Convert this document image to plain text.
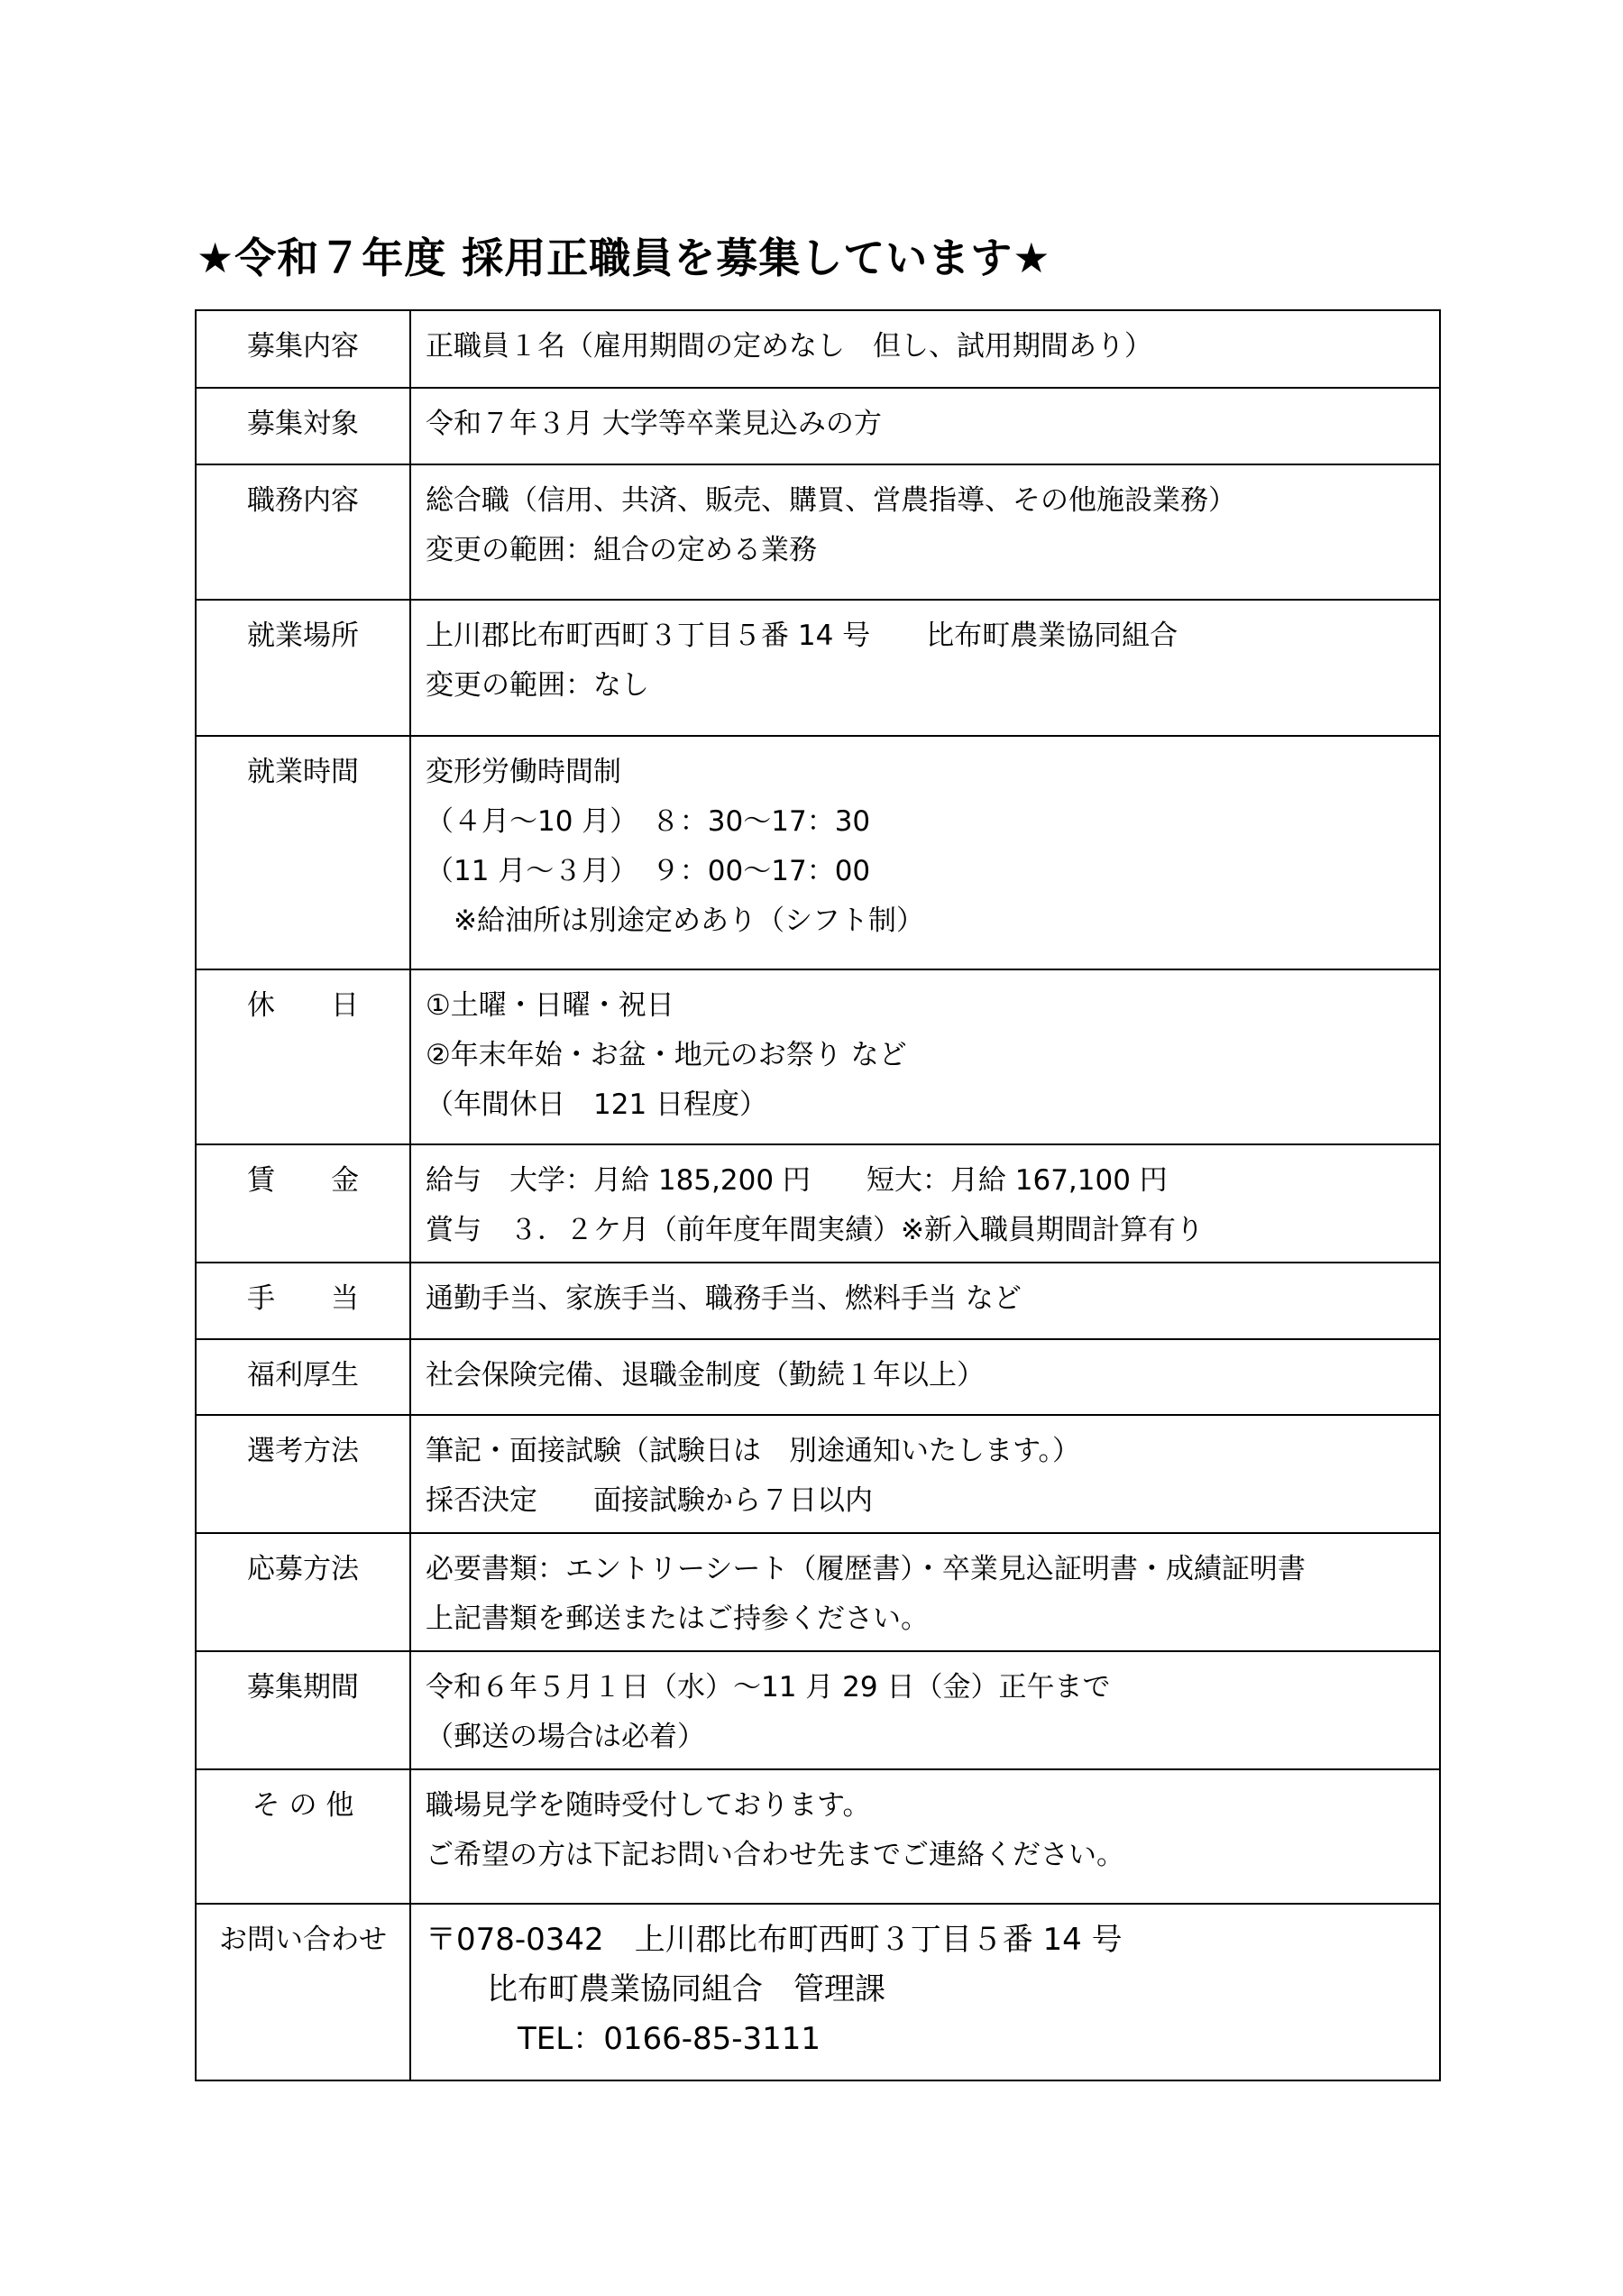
★令和７年度 採用正職員を募集しています★
募集内容	正職員１名（雇用期間の定めなし　但し、試用期間あり）

募集対象	令和７年３月 大学等卒業見込みの方

職務内容	総合職（信用、共済、販売、購買、営農指導、その他施設業務）
変更の範囲：組合の定める業務

就業場所	上川郡比布町西町３丁目５番 14 号　　比布町農業協同組合
変更の範囲：なし

就業時間	変形労働時間制
（４月～10 月）　８：30～17：30
（11 月～３月）　９：00～17：00
　※給油所は別途定めあり（シフト制）

休　　日	①土曜・日曜・祝日
②年末年始・お盆・地元のお祭り など
（年間休日　121 日程度）

賃　　金	給与　大学：月給 185,200 円　　短大：月給 167,100 円
賞与　３．２ケ月（前年度年間実績）※新入職員期間計算有り

手　　当	通勤手当、家族手当、職務手当、燃料手当 など

福利厚生	社会保険完備、退職金制度（勤続１年以上）

選考方法	筆記・面接試験（試験日は　別途通知いたします。）
採否決定　　面接試験から７日以内

応募方法	必要書類：エントリーシート（履歴書）・卒業見込証明書・成績証明書
上記書類を郵送またはご持参ください。

募集期間	令和６年５月１日（水）～11 月 29 日（金）正午まで
（郵送の場合は必着）

そ の 他	職場見学を随時受付しております。
ご希望の方は下記お問い合わせ先までご連絡ください。

お問い合わせ	〒078-0342　上川郡比布町西町３丁目５番 14 号
　　比布町農業協同組合　管理課
　　　TEL：0166-85-3111
